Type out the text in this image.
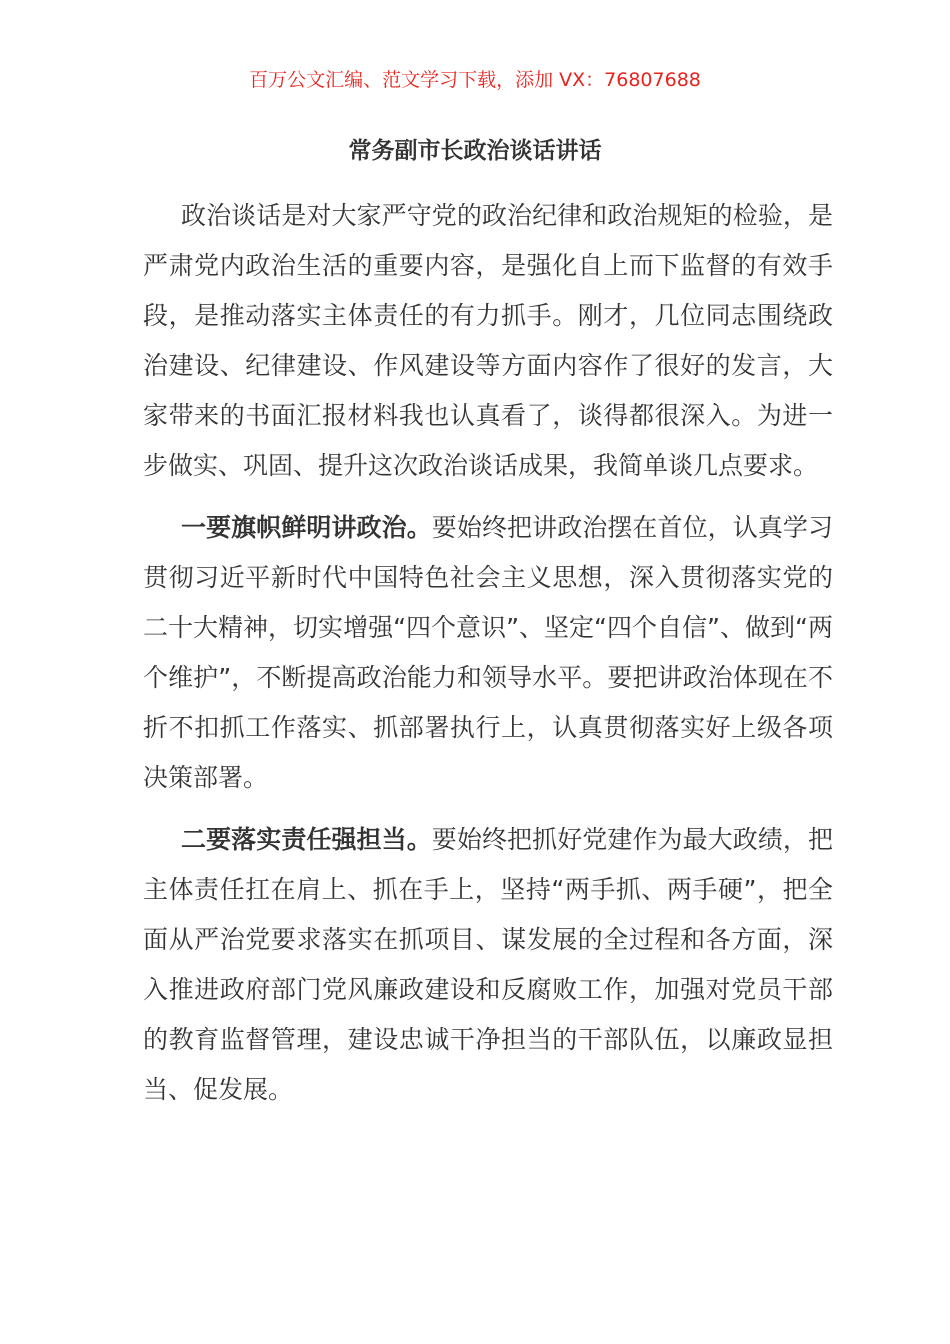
百万公文汇编、范文学习下载，添加 VX：76807688
常务副市长政治谈话讲话

政治谈话是对大家严守党的政治纪律和政治规矩的检验，是严肃党内政治生活的重要内容，是强化自上而下监督的有效手段，是推动落实主体责任的有力抓手。刚才，几位同志围绕政治建设、纪律建设、作风建设等方面内容作了很好的发言，大家带来的书面汇报材料我也认真看了，谈得都很深入。为进一步做实、巩固、提升这次政治谈话成果，我简单谈几点要求。

一要旗帜鲜明讲政治。要始终把讲政治摆在首位，认真学习贯彻习近平新时代中国特色社会主义思想，深入贯彻落实党的二十大精神，切实增强“四个意识”、坚定“四个自信”、做到“两个维护”，不断提高政治能力和领导水平。要把讲政治体现在不折不扣抓工作落实、抓部署执行上，认真贯彻落实好上级各项决策部署。

二要落实责任强担当。要始终把抓好党建作为最大政绩，把主体责任扛在肩上、抓在手上，坚持“两手抓、两手硬”，把全面从严治党要求落实在抓项目、谋发展的全过程和各方面，深入推进政府部门党风廉政建设和反腐败工作，加强对党员干部的教育监督管理，建设忠诚干净担当的干部队伍，以廉政显担当、促发展。
